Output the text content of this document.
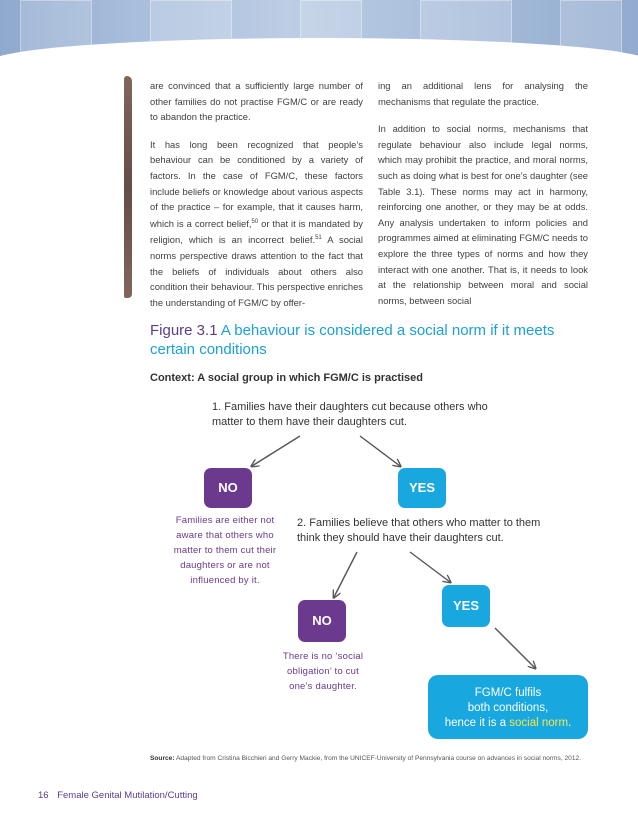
are convinced that a sufficiently large number of other families do not practise FGM/C or are ready to abandon the practice.

It has long been recognized that people’s behaviour can be conditioned by a variety of factors. In the case of FGM/C, these factors include beliefs or knowledge about various aspects of the practice – for example, that it causes harm, which is a correct belief,$^{50}$ or that it is mandated by religion, which is an incorrect belief.$^{51}$ A social norms perspective draws attention to the fact that the beliefs of individuals about others also condition their behaviour. This perspective enriches the understanding of FGM/C by offer-

ing an additional lens for analysing the mechanisms that regulate the practice.

In addition to social norms, mechanisms that regulate behaviour also include legal norms, which may prohibit the practice, and moral norms, such as doing what is best for one’s daughter (see Table 3.1). These norms may act in harmony, reinforcing one another, or they may be at odds. Any analysis undertaken to inform policies and programmes aimed at eliminating FGM/C needs to explore the three types of norms and how they interact with one another. That is, it needs to look at the relationship between moral and social norms, between social

Figure 3.1 A behaviour is considered a social norm if it meets certain conditions
Context: A social group in which FGM/C is practised
1. Families have their daughters cut because others who matter to them have their daughters cut.
NO	YES
Families are either not aware that others who matter to them cut their daughters or are not influenced by it.
2. Families believe that others who matter to them think they should have their daughters cut.
NO
YES
There is no ‘social obligation’ to cut one’s daughter.
FGM/C fulfils
both conditions,
hence it is a social norm.
Source: Adapted from Cristina Bicchieri and Gerry Mackie, from the UNICEF-University of Pennsylvania course on advances in social norms, 2012.
16 Female Genital Mutilation/Cutting
